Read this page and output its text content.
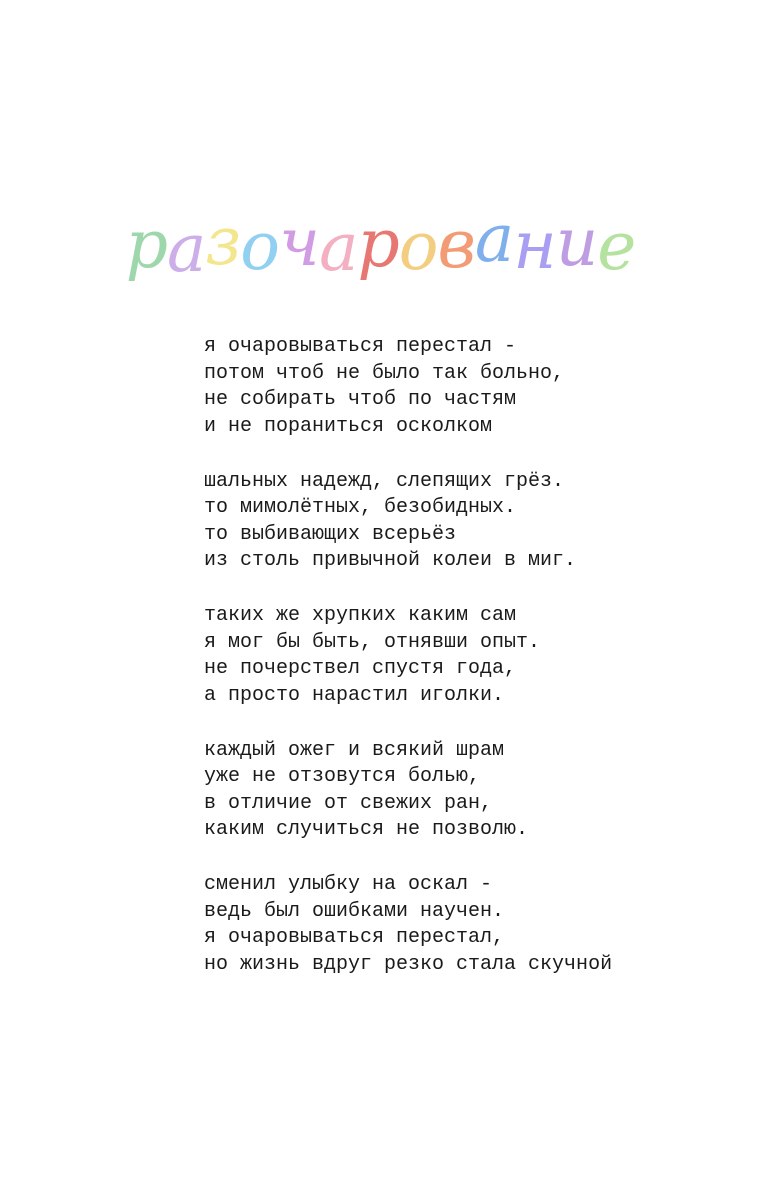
разочарование
я очаровываться перестал -
потом чтоб не было так больно,
не собирать чтоб по частям
и не пораниться осколком
шальных надежд, слепящих грёз.
то мимолётных, безобидных.
то выбивающих всерьёз
из столь привычной колеи в миг.
таких же хрупких каким сам
я мог бы быть, отнявши опыт.
не почерствел спустя года,
а просто нарастил иголки.
каждый ожег и всякий шрам
уже не отзовутся болью,
в отличие от свежих ран,
каким случиться не позволю.
сменил улыбку на оскал -
ведь был ошибками научен.
я очаровываться перестал,
но жизнь вдруг резко стала скучной
